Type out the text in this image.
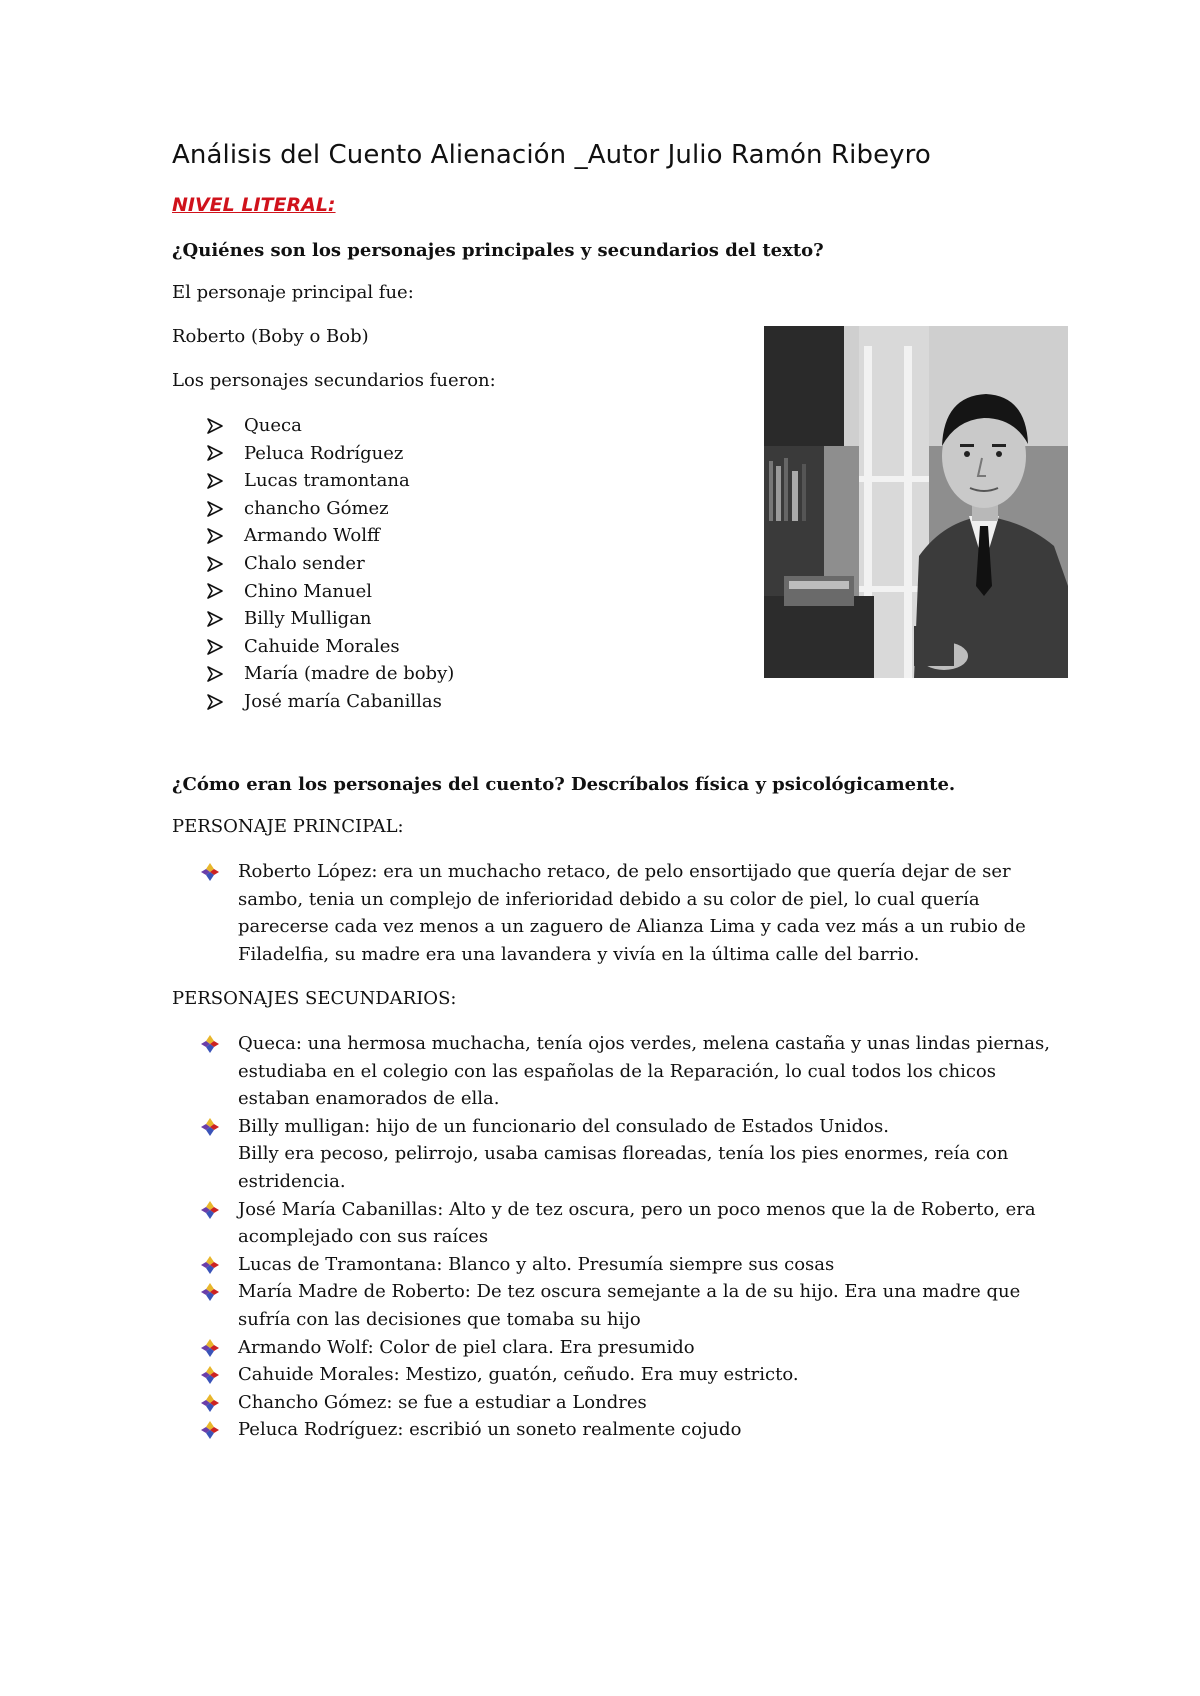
Análisis del Cuento Alienación _Autor Julio Ramón Ribeyro
NIVEL LITERAL:
¿Quiénes son los personajes principales y secundarios del texto?
El personaje principal fue:
Roberto (Boby o Bob)
Los personajes secundarios fueron:
Queca
Peluca Rodríguez
Lucas tramontana
chancho Gómez
Armando Wolff
Chalo sender
Chino Manuel
Billy Mulligan
Cahuide Morales
María (madre de boby)
José maría Cabanillas
¿Cómo eran los personajes del cuento? Descríbalos física y psicológicamente.
PERSONAJE PRINCIPAL:
Roberto López: era un muchacho retaco, de pelo ensortijado que quería dejar de ser sambo, tenia un complejo de inferioridad debido a su color de piel, lo cual quería parecerse cada vez menos a un zaguero de Alianza Lima y cada vez más a un rubio de Filadelfia, su madre era una lavandera y vivía en la última calle del barrio.
PERSONAJES SECUNDARIOS:
Queca: una hermosa muchacha, tenía ojos verdes, melena castaña y unas lindas piernas, estudiaba en el colegio con las españolas de la Reparación, lo cual todos los chicos estaban enamorados de ella.
Billy mulligan: hijo de un funcionario del consulado de Estados Unidos.
Billy era pecoso, pelirrojo, usaba camisas floreadas, tenía los pies enormes, reía con estridencia.
José María Cabanillas: Alto y de tez oscura, pero un poco menos que la de Roberto, era acomplejado con sus raíces
Lucas de Tramontana: Blanco y alto. Presumía siempre sus cosas
María Madre de Roberto: De tez oscura semejante a la de su hijo. Era una madre que sufría con las decisiones que tomaba su hijo
Armando Wolf: Color de piel clara. Era presumido
Cahuide Morales: Mestizo, guatón, ceñudo. Era muy estricto.
Chancho Gómez: se fue a estudiar a Londres
Peluca Rodríguez: escribió un soneto realmente cojudo
